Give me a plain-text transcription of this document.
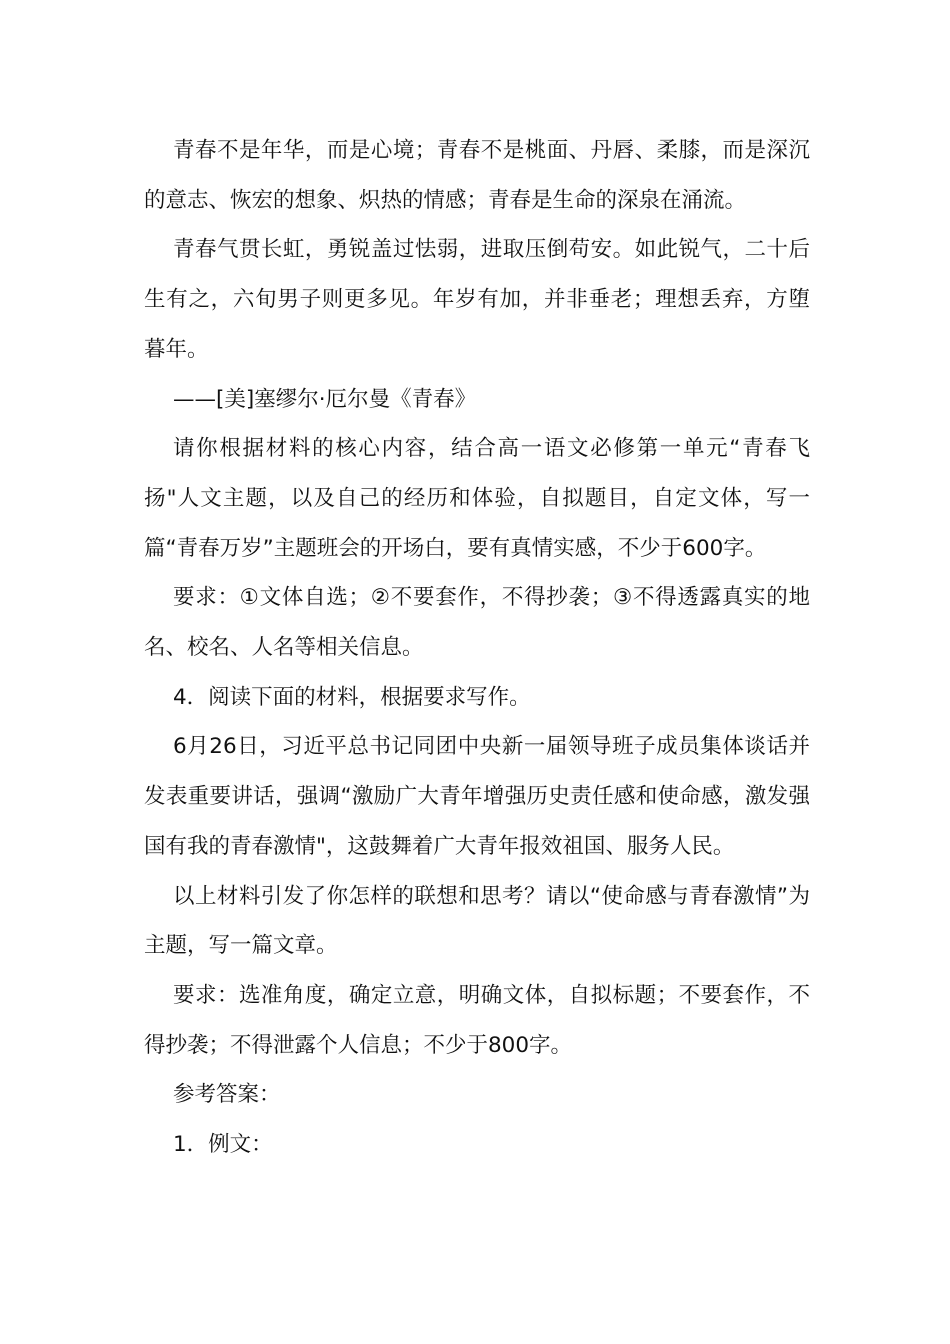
青春不是年华，而是心境；青春不是桃面、丹唇、柔膝，而是深沉的意志、恢宏的想象、炽热的情感；青春是生命的深泉在涌流。

青春气贯长虹，勇锐盖过怯弱，进取压倒苟安。如此锐气，二十后生有之，六旬男子则更多见。年岁有加，并非垂老；理想丢弃，方堕暮年。

——[美]塞缪尔·厄尔曼《青春》

请你根据材料的核心内容，结合高一语文必修第一单元“青春飞扬"人文主题，以及自己的经历和体验，自拟题目，自定文体，写一篇“青春万岁”主题班会的开场白，要有真情实感，不少于600字。

要求：①文体自选；②不要套作，不得抄袭；③不得透露真实的地名、校名、人名等相关信息。

4．阅读下面的材料，根据要求写作。

6月26日，习近平总书记同团中央新一届领导班子成员集体谈话并发表重要讲话，强调“激励广大青年增强历史责任感和使命感，激发强国有我的青春激情"，这鼓舞着广大青年报效祖国、服务人民。

以上材料引发了你怎样的联想和思考？请以“使命感与青春激情”为主题，写一篇文章。

要求：选准角度，确定立意，明确文体，自拟标题；不要套作，不得抄袭；不得泄露个人信息；不少于800字。

参考答案：

1．例文：
